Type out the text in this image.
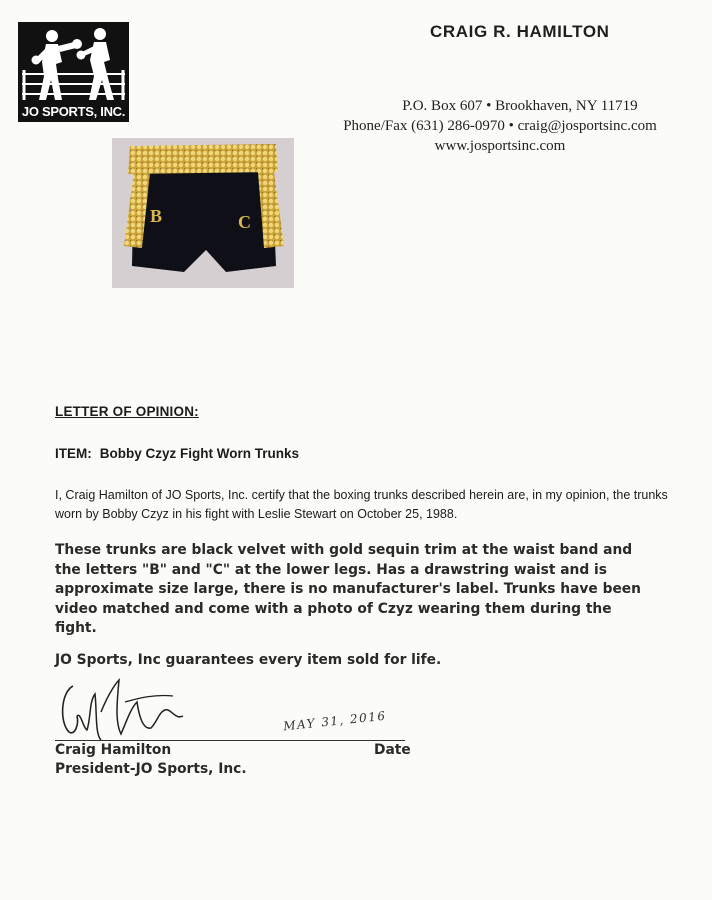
JO SPORTS, INC.
CRAIG R. HAMILTON
P.O. Box 607 • Brookhaven, NY 11719
Phone/Fax (631) 286-0970 • craig@josportsinc.com
www.josportsinc.com
B	C
LETTER OF OPINION:
ITEM: Bobby Czyz Fight Worn Trunks
I, Craig Hamilton of JO Sports, Inc. certify that the boxing trunks described herein are, in my opinion, the trunks worn by Bobby Czyz in his fight with Leslie Stewart on October 25, 1988.
These trunks are black velvet with gold sequin trim at the waist band and the letters "B" and "C" at the lower legs. Has a drawstring waist and is approximate size large, there is no manufacturer's label. Trunks have been video matched and come with a photo of Czyz wearing them during the fight.
JO Sports, Inc guarantees every item sold for life.
MAY 31, 2016
Craig Hamilton
President-JO Sports, Inc.
Date
